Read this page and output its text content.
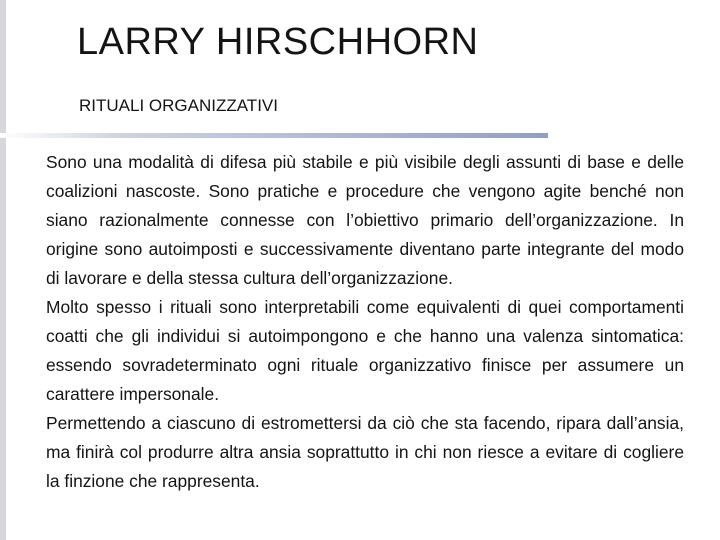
LARRY HIRSCHHORN
RITUALI ORGANIZZATIVI

Sono una modalità di difesa più stabile e più visibile degli assunti di base e delle coalizioni nascoste. Sono pratiche e procedure che vengono agite benché non siano razionalmente connesse con l’obiettivo primario dell’organizzazione. In origine sono autoimposti e successivamente diventano parte integrante del modo di lavorare e della stessa cultura dell’organizzazione.

Molto spesso i rituali sono interpretabili come equivalenti di quei comportamenti coatti che gli individui si autoimpongono e che hanno una valenza sintomatica: essendo sovradeterminato ogni rituale organizzativo finisce per assumere un carattere impersonale.

Permettendo a ciascuno di estromettersi da ciò che sta facendo, ripara dall’ansia, ma finirà col produrre altra ansia soprattutto in chi non riesce a evitare di cogliere la finzione che rappresenta.
